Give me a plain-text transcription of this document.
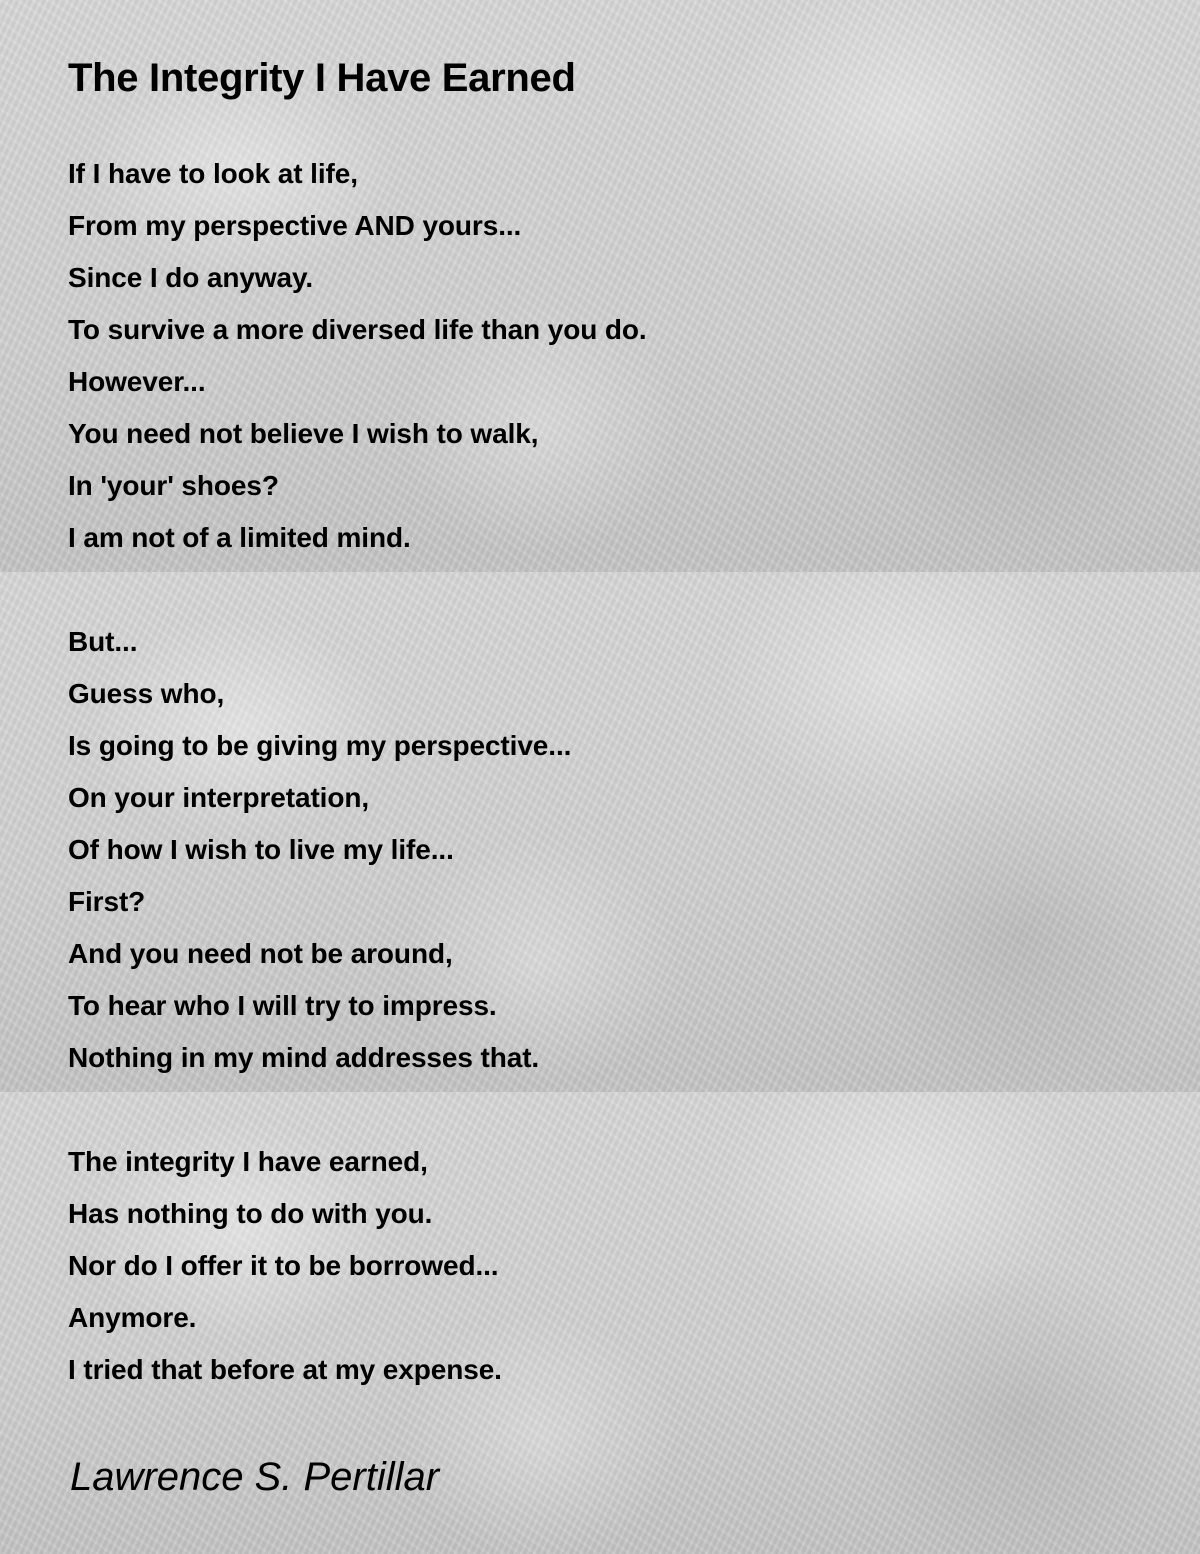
The Integrity I Have Earned
If I have to look at life,
From my perspective AND yours...
Since I do anyway.
To survive a more diversed life than you do.
However...
You need not believe I wish to walk,
In 'your' shoes?
I am not of a limited mind.
But...
Guess who,
Is going to be giving my perspective...
On your interpretation,
Of how I wish to live my life...
First?
And you need not be around,
To hear who I will try to impress.
Nothing in my mind addresses that.
The integrity I have earned,
Has nothing to do with you.
Nor do I offer it to be borrowed...
Anymore.
I tried that before at my expense.
Lawrence S. Pertillar
